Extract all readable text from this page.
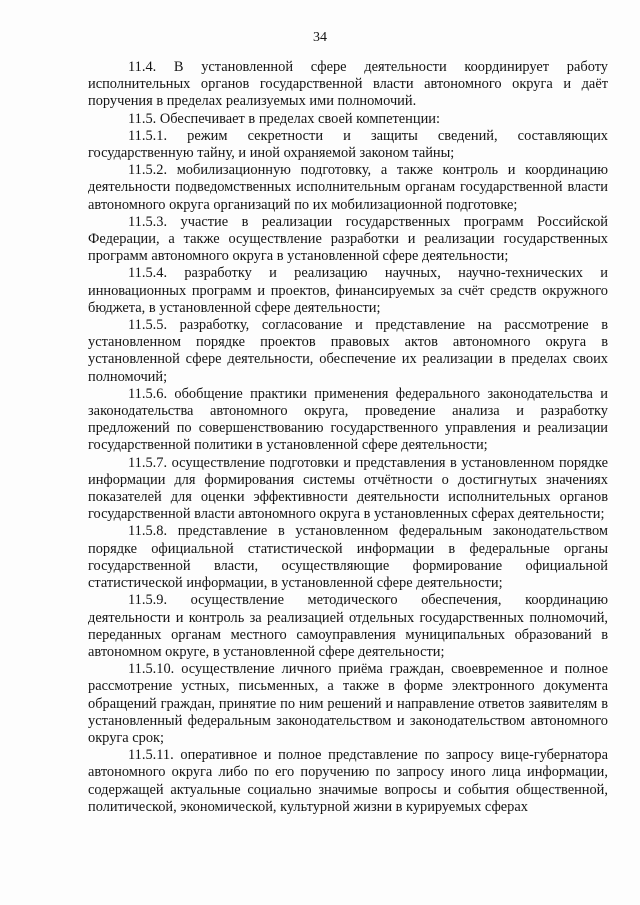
34

11.4. В установленной сфере деятельности координирует работу исполнительных органов государственной власти автономного округа и даёт поручения в пределах реализуемых ими полномочий.

11.5. Обеспечивает в пределах своей компетенции:

11.5.1. режим секретности и защиты сведений, составляющих государственную тайну, и иной охраняемой законом тайны;

11.5.2. мобилизационную подготовку, а также контроль и координацию деятельности подведомственных исполнительным органам государственной власти автономного округа организаций по их мобилизационной подготовке;

11.5.3. участие в реализации государственных программ Российской Федерации, а также осуществление разработки и реализации государственных программ автономного округа в установленной сфере деятельности;

11.5.4. разработку и реализацию научных, научно-технических и инновационных программ и проектов, финансируемых за счёт средств окружного бюджета, в установленной сфере деятельности;

11.5.5. разработку, согласование и представление на рассмотрение в установленном порядке проектов правовых актов автономного округа в установленной сфере деятельности, обеспечение их реализации в пределах своих полномочий;

11.5.6. обобщение практики применения федерального законодательства и законодательства автономного округа, проведение анализа и разработку предложений по совершенствованию государственного управления и реализации государственной политики в установленной сфере деятельности;

11.5.7. осуществление подготовки и представления в установленном порядке информации для формирования системы отчётности о достигнутых значениях показателей для оценки эффективности деятельности исполнительных органов государственной власти автономного округа в установленных сферах деятельности;

11.5.8. представление в установленном федеральным законодательством порядке официальной статистической информации в федеральные органы государственной власти, осуществляющие формирование официальной статистической информации, в установленной сфере деятельности;

11.5.9. осуществление методического обеспечения, координацию деятельности и контроль за реализацией отдельных государственных полномочий, переданных органам местного самоуправления муниципальных образований в автономном округе, в установленной сфере деятельности;

11.5.10. осуществление личного приёма граждан, своевременное и полное рассмотрение устных, письменных, а также в форме электронного документа обращений граждан, принятие по ним решений и направление ответов заявителям в установленный федеральным законодательством и законодательством автономного округа срок;

11.5.11. оперативное и полное представление по запросу вице-губернатора автономного округа либо по его поручению по запросу иного лица информации, содержащей актуальные социально значимые вопросы и события общественной, политической, экономической, культурной жизни в курируемых сферах
